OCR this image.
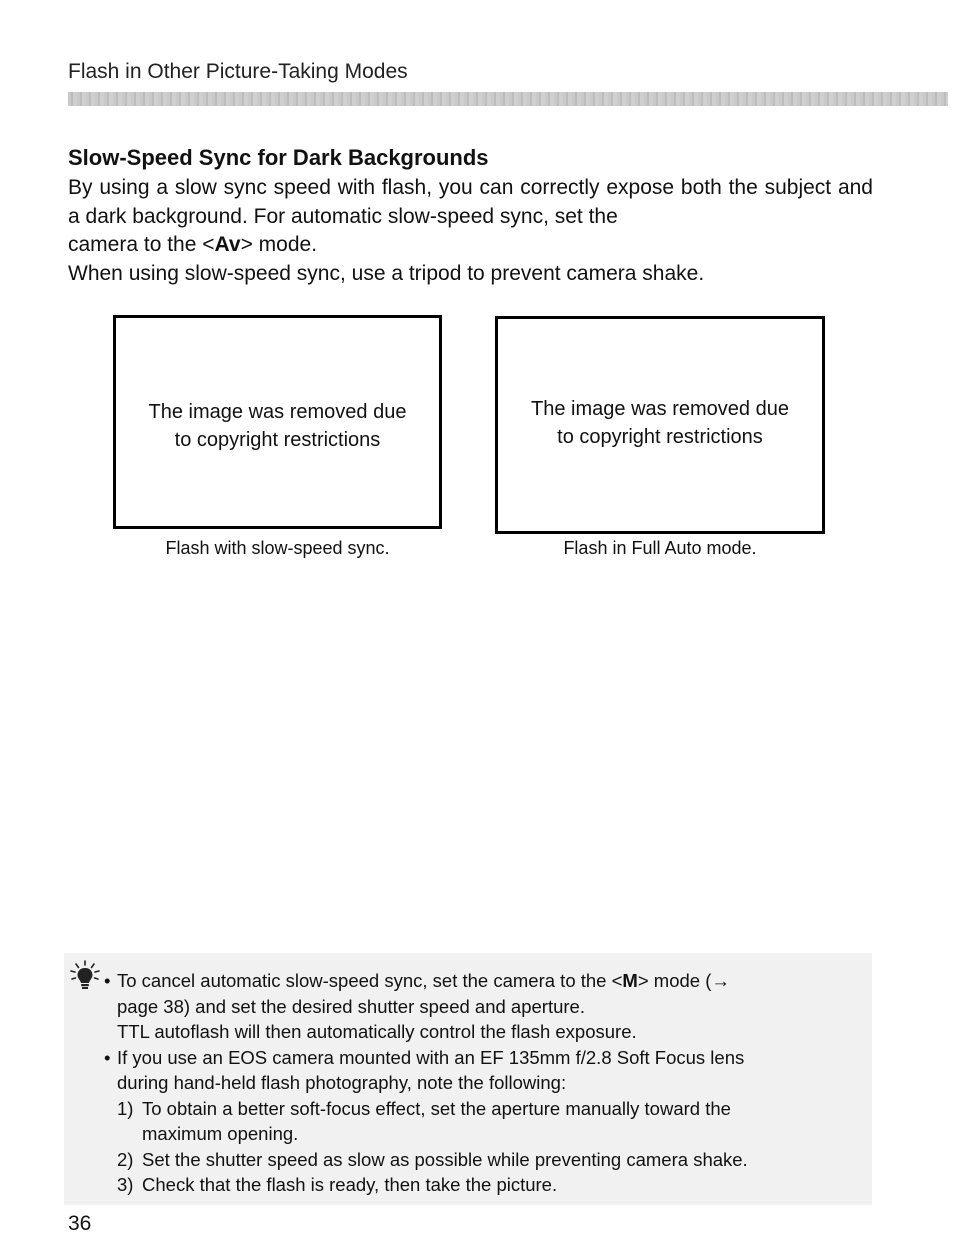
Flash in Other Picture-Taking Modes
Slow-Speed Sync for Dark Backgrounds

By using a slow sync speed with flash, you can correctly expose both the subject and a dark background. For automatic slow-speed sync, set the

camera to the <Av> mode.

When using slow-speed sync, use a tripod to prevent camera shake.

The image was removed due
to copyright restrictions
Flash with slow-speed sync.
The image was removed due
to copyright restrictions
Flash in Full Auto mode.
• To cancel automatic slow-speed sync, set the camera to the <M> mode (→
page 38) and set the desired shutter speed and aperture.
TTL autoflash will then automatically control the flash exposure.
• If you use an EOS camera mounted with an EF 135mm f/2.8 Soft Focus lens
during hand-held flash photography, note the following:
1) To obtain a better soft-focus effect, set the aperture manually toward the
maximum opening.
2) Set the shutter speed as slow as possible while preventing camera shake.
3) Check that the flash is ready, then take the picture.
36
